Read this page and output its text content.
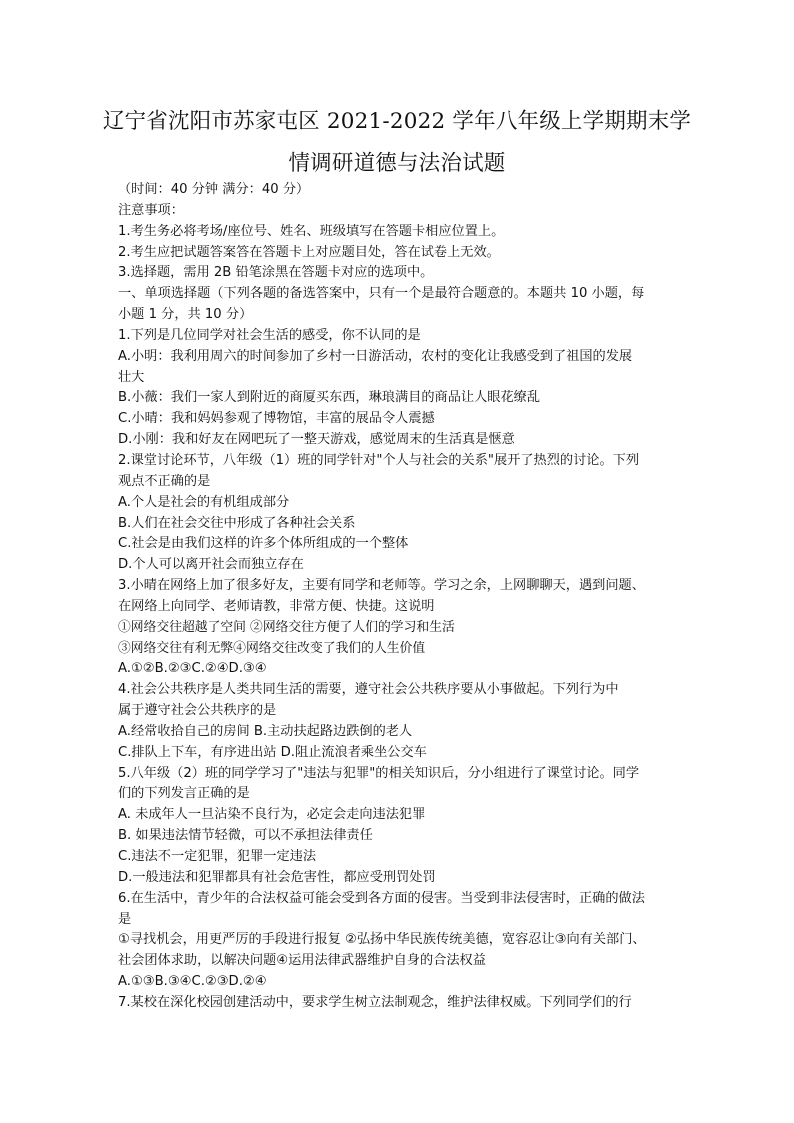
辽宁省沈阳市苏家屯区 2021-2022 学年八年级上学期期末学
情调研道德与法治试题
（时间：40 分钟 满分：40 分）
注意事项：
1.考生务必将考场/座位号、姓名、班级填写在答题卡相应位置上。
2.考生应把试题答案答在答题卡上对应题目处，答在试卷上无效。
3.选择题，需用 2B 铅笔涂黑在答题卡对应的选项中。
一、单项选择题（下列各题的备选答案中，只有一个是最符合题意的。本题共 10 小题，每
小题 1 分，共 10 分）
1.下列是几位同学对社会生活的感受，你不认同的是
A.小明：我利用周六的时间参加了乡村一日游活动，农村的变化让我感受到了祖国的发展
壮大
B.小薇：我们一家人到附近的商厦买东西，琳琅满目的商品让人眼花缭乱
C.小晴：我和妈妈参观了博物馆，丰富的展品令人震撼
D.小刚：我和好友在网吧玩了一整天游戏，感觉周末的生活真是惬意
2.课堂讨论环节，八年级（1）班的同学针对"个人与社会的关系"展开了热烈的讨论。下列
观点不正确的是
A.个人是社会的有机组成部分
B.人们在社会交往中形成了各种社会关系
C.社会是由我们这样的许多个体所组成的一个整体
D.个人可以离开社会而独立存在
3.小晴在网络上加了很多好友，主要有同学和老师等。学习之余，上网聊聊天，遇到问题、
在网络上向同学、老师请教，非常方便、快捷。这说明
①网络交往超越了空间 ②网络交往方便了人们的学习和生活
③网络交往有利无弊④网络交往改变了我们的人生价值
A.①②B.②③C.②④D.③④
4.社会公共秩序是人类共同生活的需要，遵守社会公共秩序要从小事做起。下列行为中
属于遵守社会公共秩序的是
A.经常收拾自己的房间 B.主动扶起路边跌倒的老人
C.排队上下车，有序进出站 D.阻止流浪者乘坐公交车
5.八年级（2）班的同学学习了"违法与犯罪"的相关知识后，分小组进行了课堂讨论。同学
们的下列发言正确的是
A. 未成年人一旦沾染不良行为，必定会走向违法犯罪
B. 如果违法情节轻微，可以不承担法律责任
C.违法不一定犯罪，犯罪一定违法
D.一般违法和犯罪都具有社会危害性，都应受刑罚处罚
6.在生活中，青少年的合法权益可能会受到各方面的侵害。当受到非法侵害时，正确的做法
是
①寻找机会，用更严厉的手段进行报复 ②弘扬中华民族传统美德，宽容忍让③向有关部门、
社会团体求助，以解决问题④运用法律武器维护自身的合法权益
A.①③B.③④C.②③D.②④
7.某校在深化校园创建活动中，要求学生树立法制观念，维护法律权威。下列同学们的行
